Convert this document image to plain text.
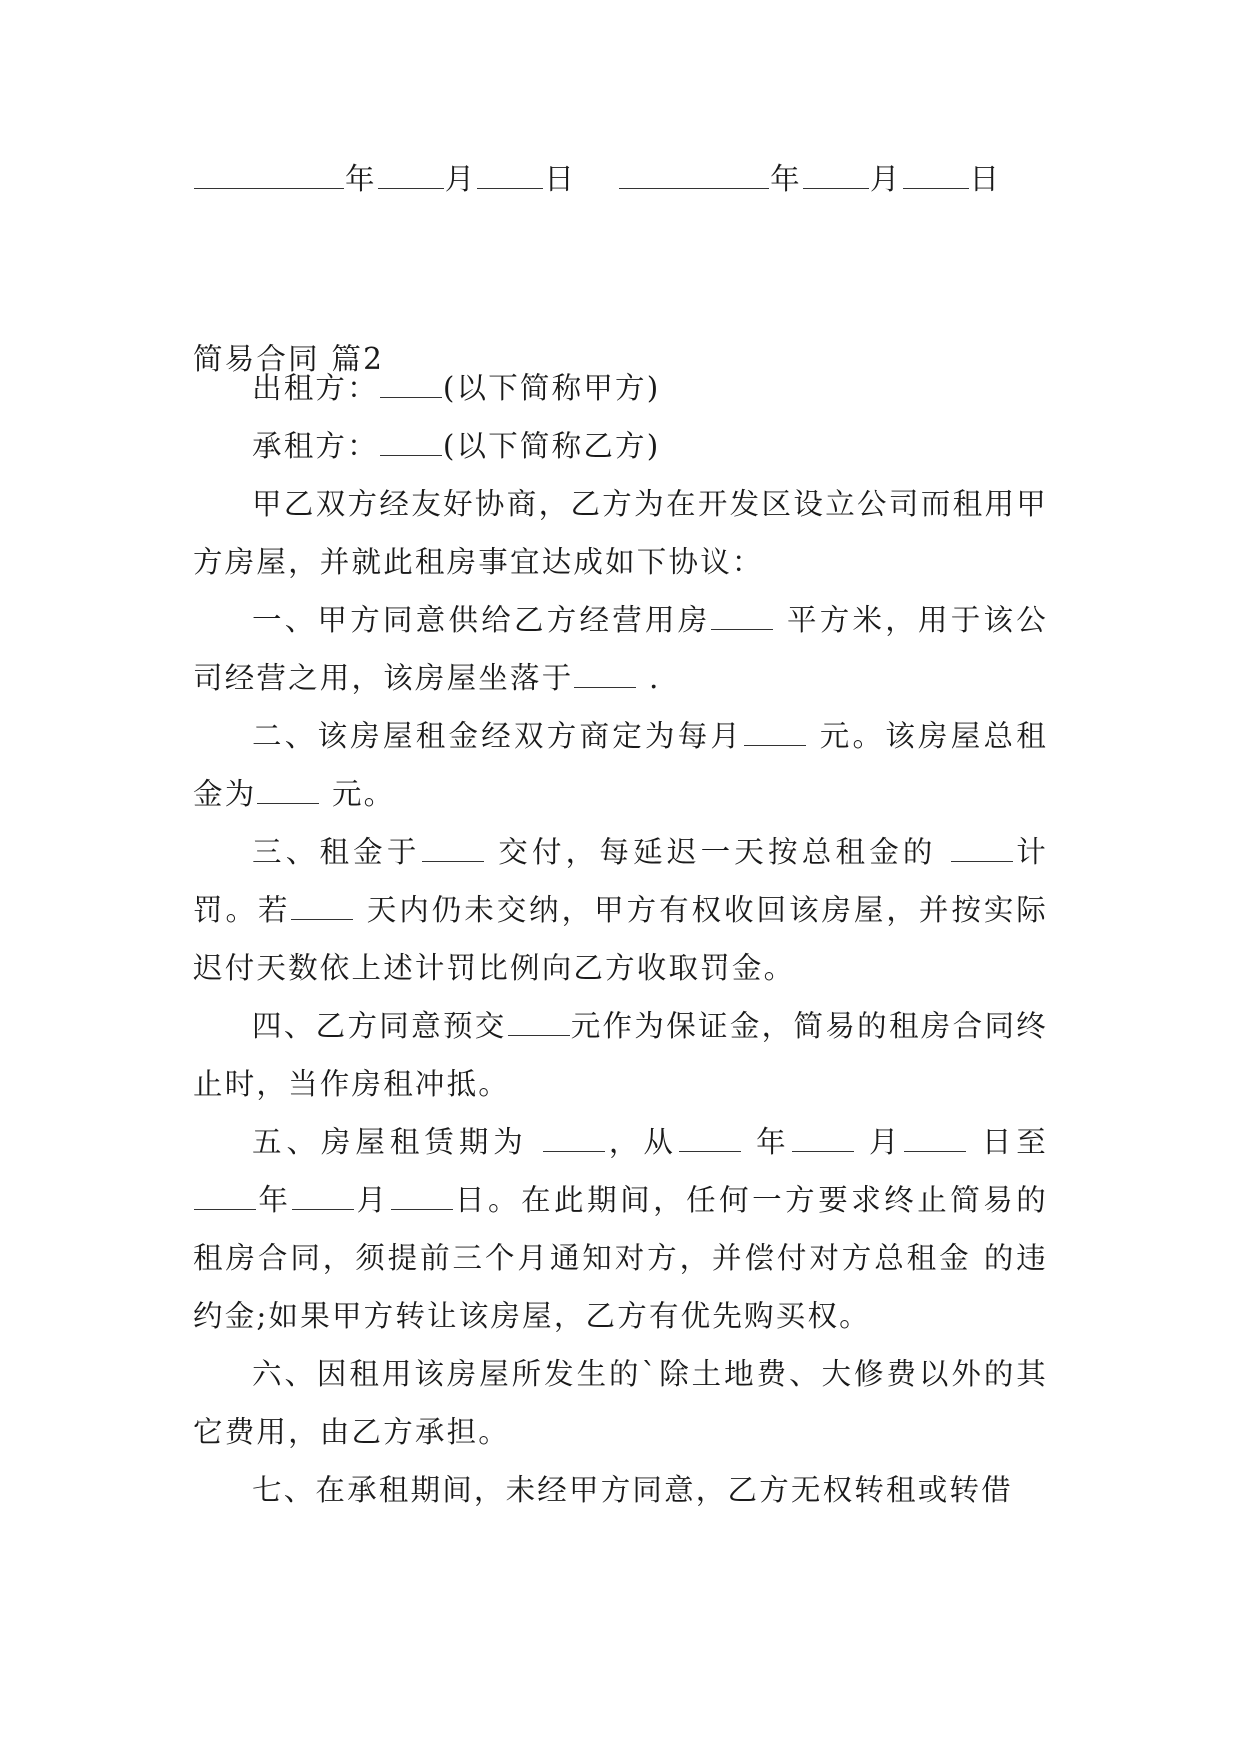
年 月 日	年 月 日
简易合同 篇2

出租方： (以下简称甲方)

承租方： (以下简称乙方)

甲乙双方经友好协商，乙方为在开发区设立公司而租用甲方房屋，并就此租房事宜达成如下协议：

一、甲方同意供给乙方经营用房 平方米，用于该公司经营之用，该房屋坐落于 .

二、该房屋租金经双方商定为每月 元。该房屋总租金为 元。

三、租金于 交付，每延迟一天按总租金的 计罚。若 天内仍未交纳，甲方有权收回该房屋，并按实际迟付天数依上述计罚比例向乙方收取罚金。

四、乙方同意预交 元作为保证金，简易的租房合同终止时，当作房租冲抵。

五、房屋租赁期为 ，从 年 月 日至年 月 日。在此期间，任何一方要求终止简易的租房合同，须提前三个月通知对方，并偿付对方总租金 的违约金;如果甲方转让该房屋，乙方有优先购买权。

六、因租用该房屋所发生的`除土地费、大修费以外的其它费用，由乙方承担。

七、在承租期间，未经甲方同意，乙方无权转租或转借
